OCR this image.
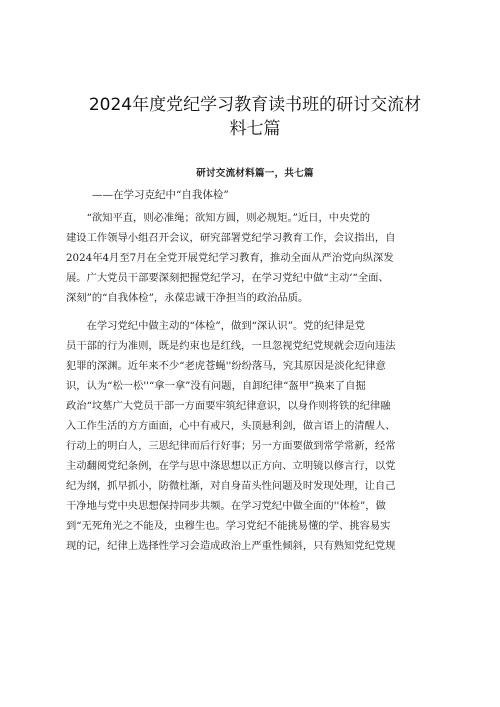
2024年度党纪学习教育读书班的研讨交流材
料七篇
研讨交流材料篇一，共七篇
——在学习克纪中“自我体检”

　　“欲知平直，则必准绳；欲知方圆，则必规矩。”近日，中央党的
建设工作领导小组召开会议，研究部署党纪学习教育工作，会议指出，自
2024年4月至7月在全党开展党纪学习教育，推动全面从严治党向纵深发
展。广大党员干部要深刻把握党纪学习，在学习党纪中做“主动’“全面、
深刻”的“自我体检”，永葆忠诚干净担当的政治品质。

　　在学习党纪中做主动的“体检”，做到“深认识”。党的纪律是党
员干部的行为准则，既是约束也是红线，一旦忽视党纪党规就会迈向违法
犯罪的深渊。近年来不少“老虎苍蝇''纷纷落马，究其原因是淡化纪律意
识，认为“松一松''“拿一拿”没有问题，自卸纪律“盔甲”换来了自掘
政治“坟墓广大党员干部一方面要牢筑纪律意识，以身作则将铁的纪律融
入工作生活的方方面面，心中有戒尺，头顶悬利剑，做言语上的清醒人、
行动上的明白人，三思纪律而后行好事；另一方面要做到常学常新，经常
主动翻阅党纪条例，在学与思中涤思想以正方向、立明镜以修言行，以党
纪为纲，抓早抓小，防微杜渐，对自身苗头性问题及时发现处理，让自己
干净地与党中央思想保持同步共频。在学习党纪中做全面的''体检”，做
到“无死角光之不能及，虫穆生也。学习党纪不能挑易懂的学、挑容易实
现的记，纪律上选择性学习会造成政治上严重性倾斜，只有熟知党纪党规
